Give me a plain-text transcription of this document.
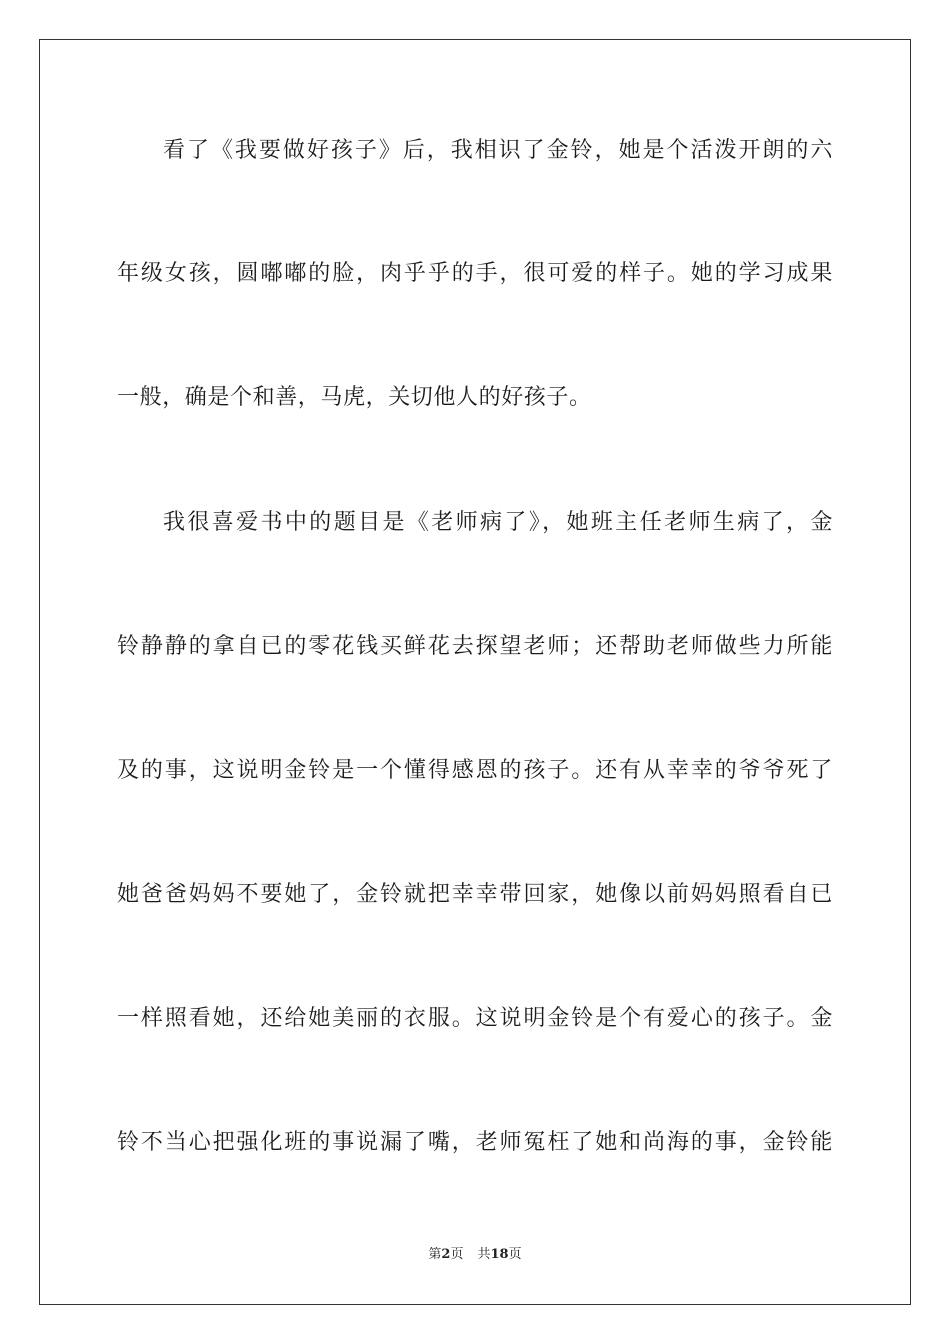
看了《我要做好孩子》后，我相识了金铃，她是个活泼开朗的六
年级女孩，圆嘟嘟的脸，肉乎乎的手，很可爱的样子。她的学习成果
一般，确是个和善，马虎，关切他人的好孩子。
我很喜爱书中的题目是《老师病了》，她班主任老师生病了，金
铃静静的拿自已的零花钱买鲜花去探望老师；还帮助老师做些力所能
及的事，这说明金铃是一个懂得感恩的孩子。还有从幸幸的爷爷死了
她爸爸妈妈不要她了，金铃就把幸幸带回家，她像以前妈妈照看自已
一样照看她，还给她美丽的衣服。这说明金铃是个有爱心的孩子。金
铃不当心把强化班的事说漏了嘴，老师冤枉了她和尚海的事，金铃能
第2页 共18页
